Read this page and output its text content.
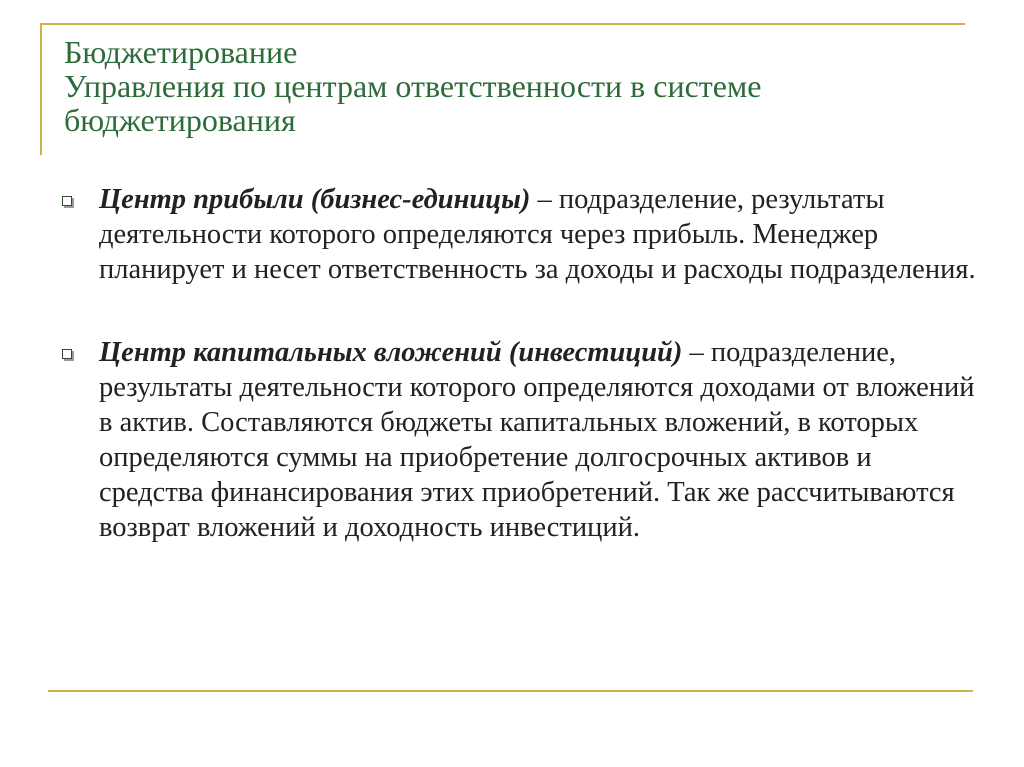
Бюджетирование
Управления по центрам ответственности в системе
бюджетирования
Центр прибыли (бизнес-единицы) – подразделение, результаты деятельности которого определяются через прибыль. Менеджер планирует и несет ответственность за доходы и расходы подразделения.
Центр капитальных вложений (инвестиций) – подразделение, результаты деятельности которого определяются доходами от вложений в актив. Составляются бюджеты капитальных вложений, в которых определяются суммы на приобретение долгосрочных активов и средства финансирования этих приобретений. Так же рассчитываются возврат вложений и доходность инвестиций.
